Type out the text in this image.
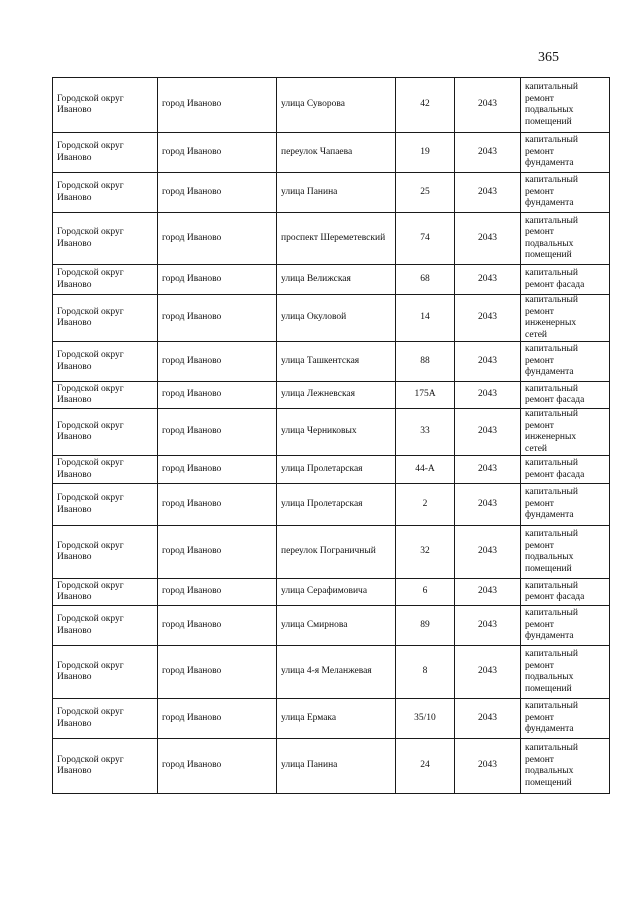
365
Городской округ Иваново	город Иваново	улица Суворова	42	2043	капитальный ремонт подвальных помещений

Городской округ Иваново	город Иваново	переулок Чапаева	19	2043	капитальный ремонт фундамента

Городской округ Иваново	город Иваново	улица Панина	25	2043	капитальный ремонт фундамента

Городской округ Иваново	город Иваново	проспект Шереметевский	74	2043	капитальный ремонт подвальных помещений

Городской округ Иваново	город Иваново	улица Велижская	68	2043	капитальный ремонт фасада

Городской округ Иваново	город Иваново	улица Окуловой	14	2043	капитальный ремонт инженерных сетей

Городской округ Иваново	город Иваново	улица Ташкентская	88	2043	капитальный ремонт фундамента

Городской округ Иваново	город Иваново	улица Лежневская	175А	2043	капитальный ремонт фасада

Городской округ Иваново	город Иваново	улица Черниковых	33	2043	капитальный ремонт инженерных сетей

Городской округ Иваново	город Иваново	улица Пролетарская	44-А	2043	капитальный ремонт фасада

Городской округ Иваново	город Иваново	улица Пролетарская	2	2043	капитальный ремонт фундамента

Городской округ Иваново	город Иваново	переулок Пограничный	32	2043	капитальный ремонт подвальных помещений

Городской округ Иваново	город Иваново	улица Серафимовича	6	2043	капитальный ремонт фасада

Городской округ Иваново	город Иваново	улица Смирнова	89	2043	капитальный ремонт фундамента

Городской округ Иваново	город Иваново	улица 4-я Меланжевая	8	2043	капитальный ремонт подвальных помещений

Городской округ Иваново	город Иваново	улица Ермака	35/10	2043	капитальный ремонт фундамента

Городской округ Иваново	город Иваново	улица Панина	24	2043	капитальный ремонт подвальных помещений
